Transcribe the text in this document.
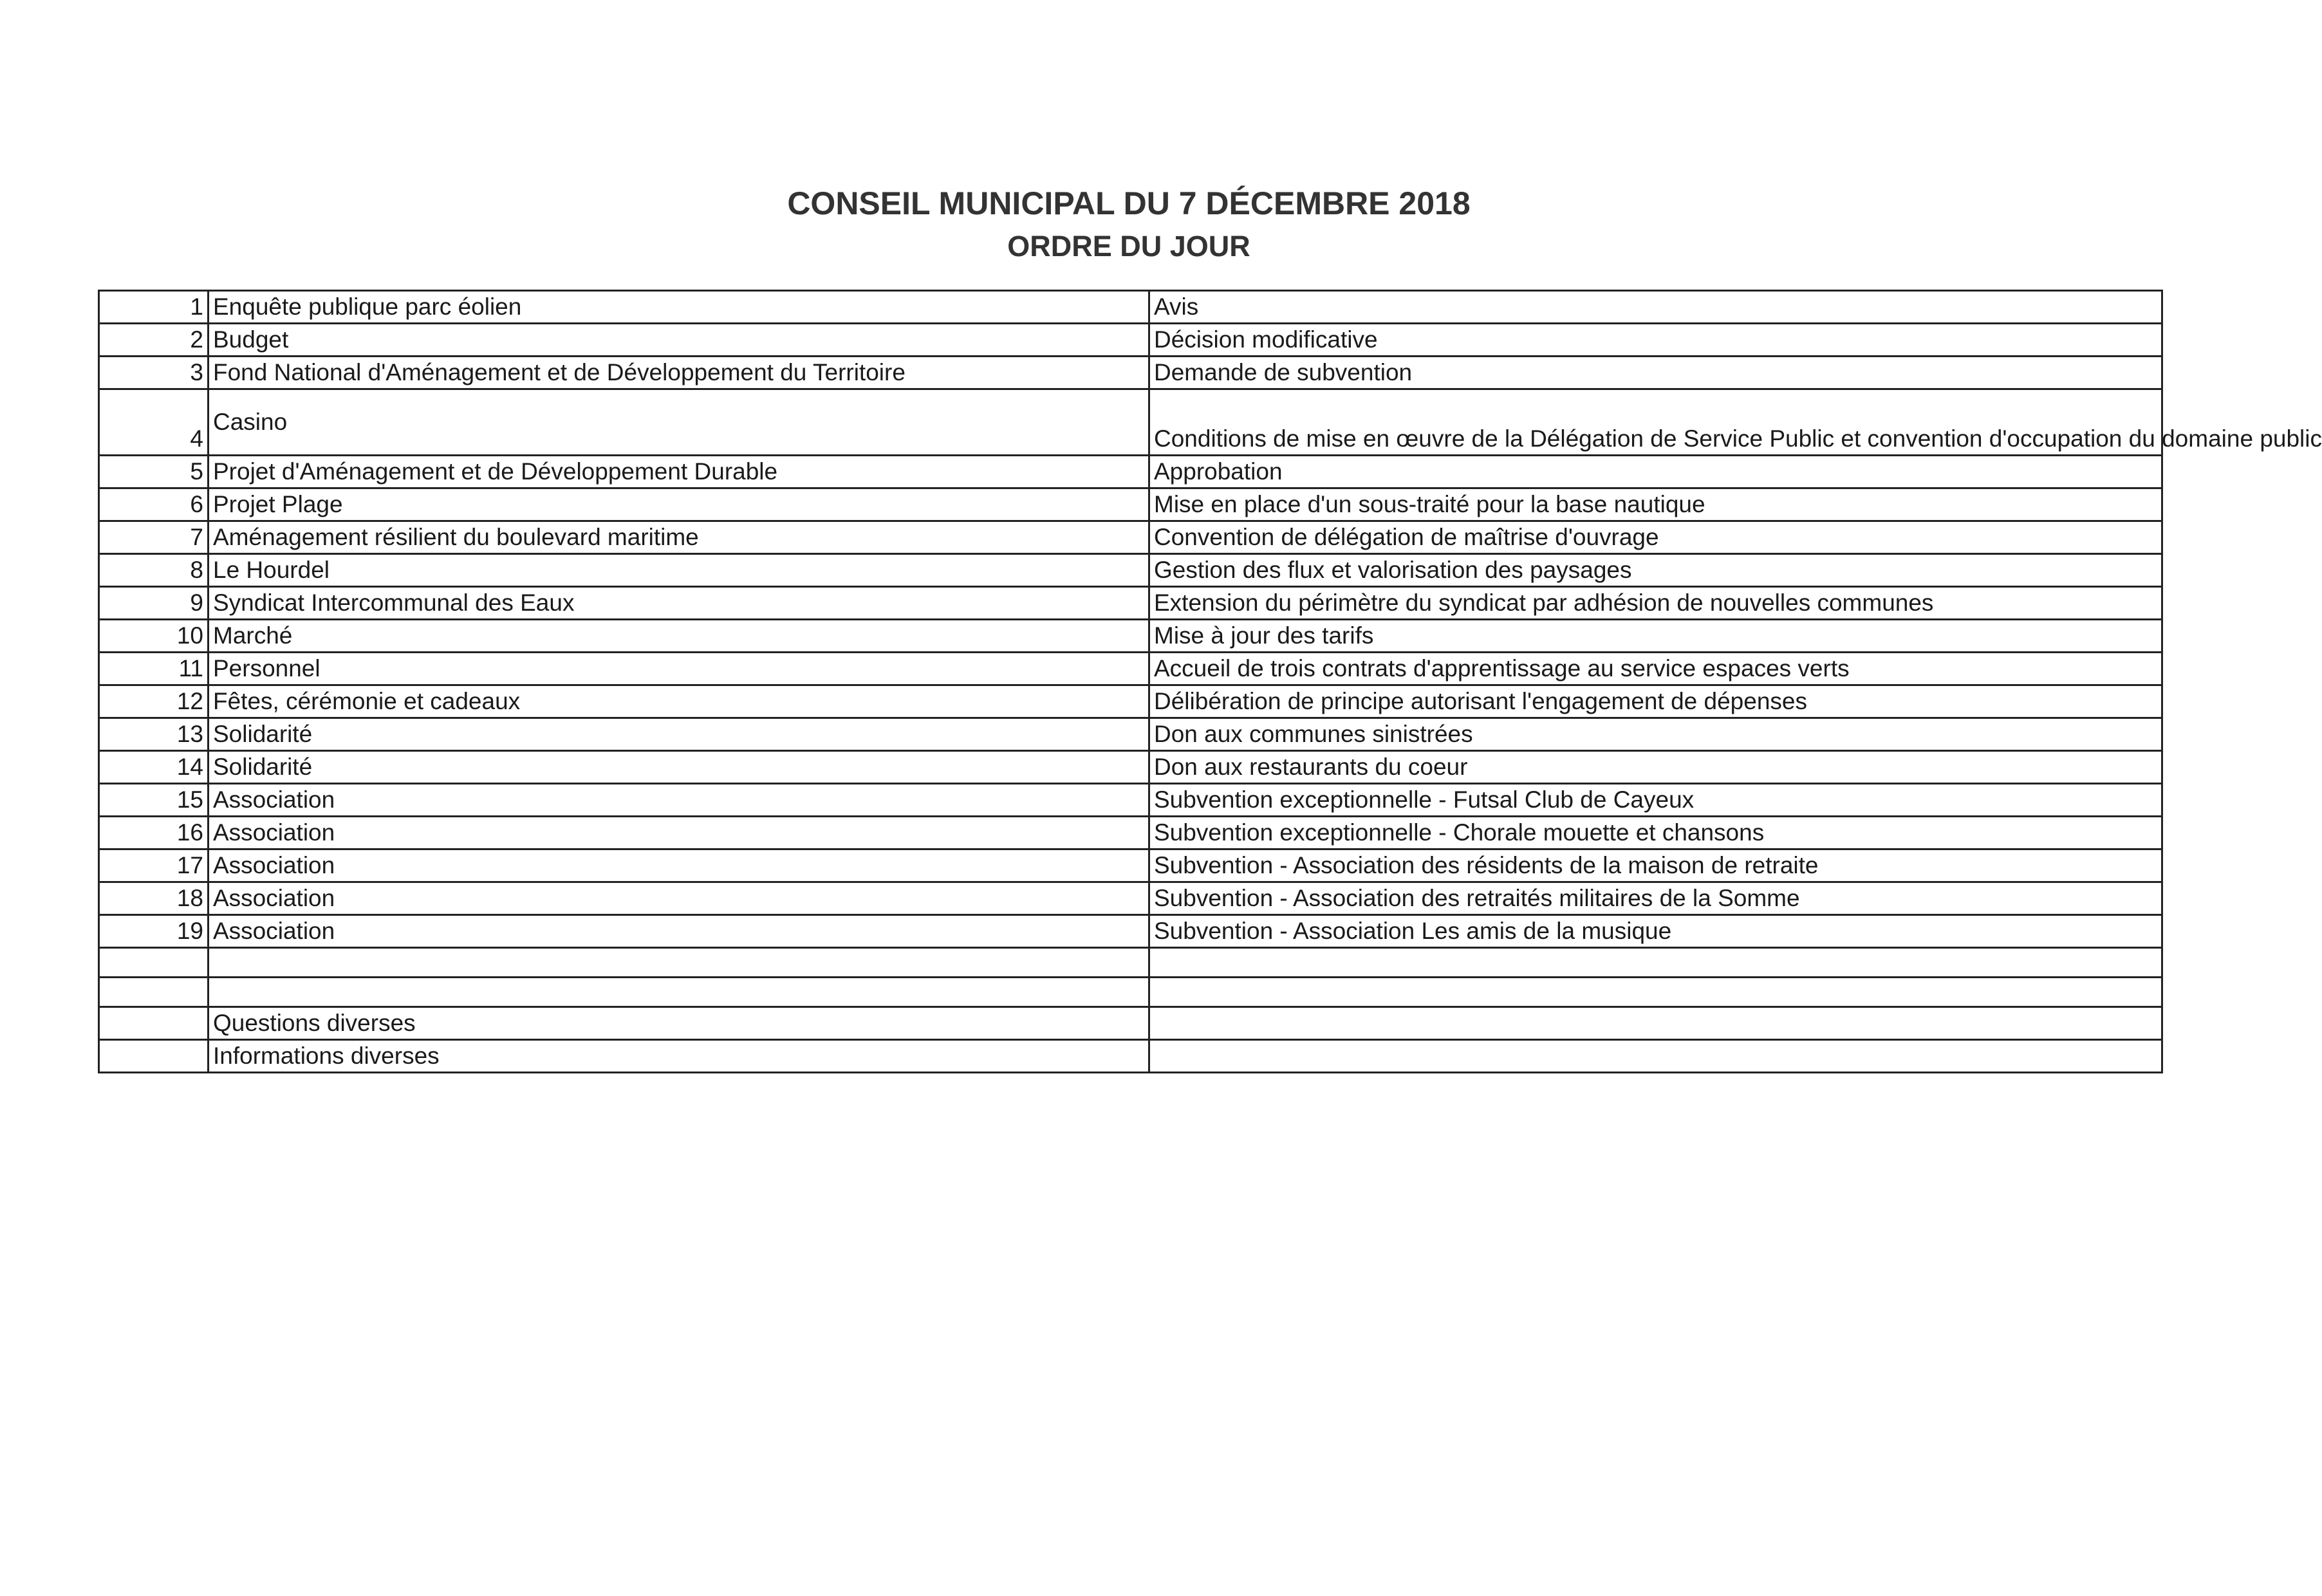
CONSEIL MUNICIPAL DU 7 DÉCEMBRE 2018
ORDRE DU JOUR
1	Enquête publique parc éolien	Avis
2	Budget	Décision modificative
3	Fond National d'Aménagement et de Développement du Territoire	Demande de subvention
4	Casino	Conditions de mise en œuvre de la Délégation de Service Public et convention d'occupation du domaine public
5	Projet d'Aménagement et de Développement Durable	Approbation
6	Projet Plage	Mise en place d'un sous-traité pour la base nautique
7	Aménagement résilient du boulevard maritime	Convention de délégation de maîtrise d'ouvrage
8	Le Hourdel	Gestion des flux et valorisation des paysages
9	Syndicat Intercommunal des Eaux	Extension du périmètre du syndicat par adhésion de nouvelles communes
10	Marché	Mise à jour des tarifs
11	Personnel	Accueil de trois contrats d'apprentissage au service espaces verts
12	Fêtes, cérémonie et cadeaux	Délibération de principe autorisant l'engagement de dépenses
13	Solidarité	Don aux communes sinistrées
14	Solidarité	Don aux restaurants du coeur
15	Association	Subvention exceptionnelle - Futsal Club de Cayeux
16	Association	Subvention exceptionnelle - Chorale mouette et chansons
17	Association	Subvention - Association des résidents de la maison de retraite
18	Association	Subvention - Association des retraités militaires de la Somme
19	Association	Subvention - Association Les amis de la musique

	Questions diverses	
	Informations diverses	
